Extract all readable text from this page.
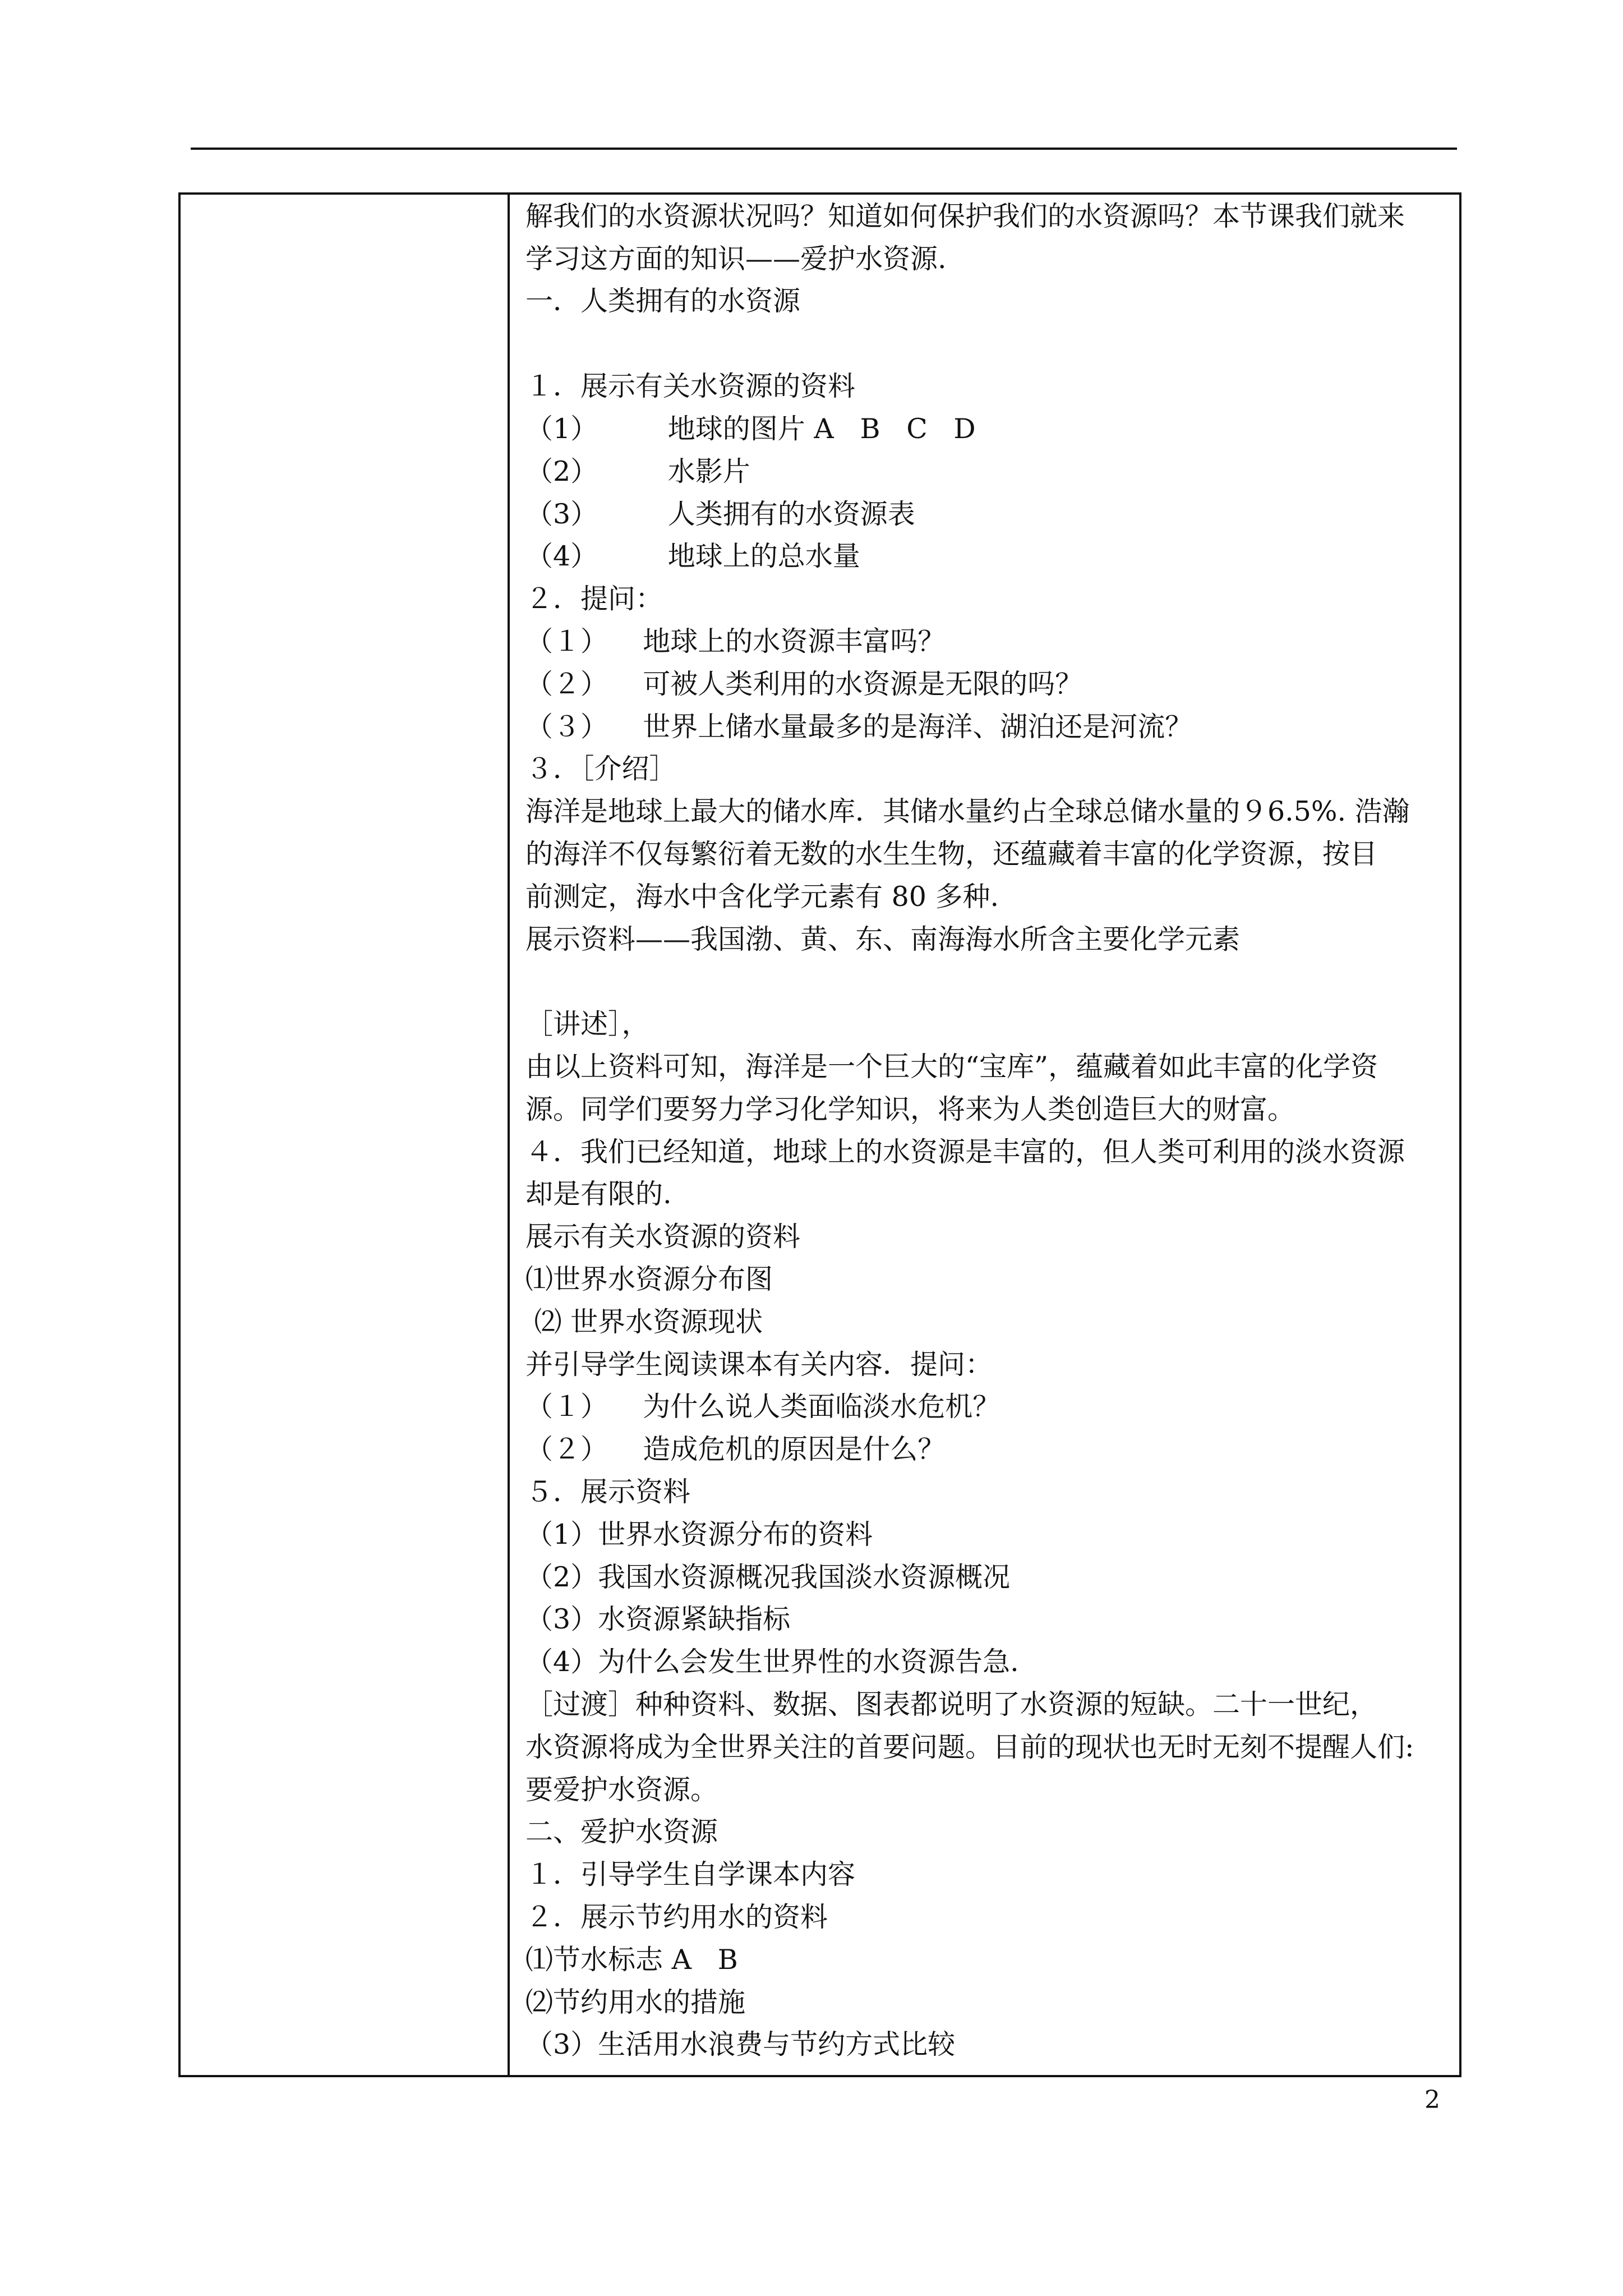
解我们的水资源状况吗？知道如何保护我们的水资源吗？本节课我们就来
学习这方面的知识——爱护水资源.
一．人类拥有的水资源
１．展示有关水资源的资料
（1）        地球的图片 A   B   C   D
（2）        水影片
（3）        人类拥有的水资源表
（4）        地球上的总水量
２．提问：
（１）    地球上的水资源丰富吗？
（２）    可被人类利用的水资源是无限的吗？
（３）    世界上储水量最多的是海洋、湖泊还是河流？
３．［介绍］
海洋是地球上最大的储水库．其储水量约占全球总储水量的９6.5%. 浩瀚
的海洋不仅每繁衍着无数的水生生物，还蕴藏着丰富的化学资源，按目
前测定，海水中含化学元素有 80 多种.
展示资料——我国渤、黄、东、南海海水所含主要化学元素
［讲述］，
由以上资料可知，海洋是一个巨大的“宝库”，蕴藏着如此丰富的化学资
源。同学们要努力学习化学知识，将来为人类创造巨大的财富。
４．我们已经知道，地球上的水资源是丰富的，但人类可利用的淡水资源
却是有限的.
展示有关水资源的资料
⑴世界水资源分布图
⑵ 世界水资源现状
并引导学生阅读课本有关内容．提问：
（１）    为什么说人类面临淡水危机？
（２）    造成危机的原因是什么？
５．展示资料
（1）世界水资源分布的资料
（2）我国水资源概况我国淡水资源概况
（3）水资源紧缺指标
（4）为什么会发生世界性的水资源告急.
［过渡］种种资料、数据、图表都说明了水资源的短缺。二十一世纪，
水资源将成为全世界关注的首要问题。目前的现状也无时无刻不提醒人们:
要爱护水资源。
二、爱护水资源
１．引导学生自学课本内容
２．展示节约用水的资料
⑴节水标志 A   B
⑵节约用水的措施
（3）生活用水浪费与节约方式比较
2
